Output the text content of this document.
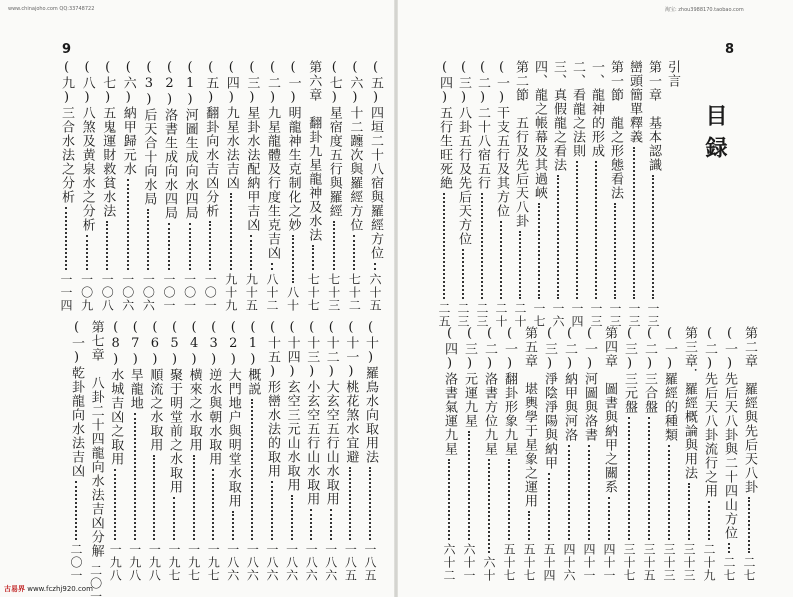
www.chinajoho.com QQ:33748722	淘宝: zhou3988170.taobao.com
9	8
目録
引言
第一章　基本認識
一三
巒頭簡單釋義
一三
第一節　龍之形態看法
一三
一、龍神的形成
一三
二、看龍之法則
一四
三、真假龍之看法
一六
四、龍之帳幕及其過峽
一七
第二節　五行及先后天八卦
二十
(一)干支五行及其方位
二十
(二)二十八宿五行
二三
(三)八卦五行及先后天方位
二三
(四)五行生旺死絶
二五
第二章　羅經與先后天八卦
二七
(一)先后天八卦與二十四山方位
二七
(二)先后天八卦流行之用
二十九
第三章．羅經概論與用法
三十三
(一)羅經的種類
三十三
(二)三合盤
三十五
(三)三元盤
三十七
第四章　圖書與納甲之關系
四十一
(一)河圖與洛書
四十一
(二)納甲與河洛
四十六
(三)淨陰淨陽與納甲
五十四
第五章　堪輿學于星象之運用
五十七
(一)翻卦形象九星
五十七
(二)洛書方位九星
六十
(三)元運九星
六十一
(四)洛書氣運九星
六十二
(五)四垣二十八宿與羅經方位
六十五
(六)十二躔次與羅經方位
七十二
(七)星宿度五行與羅經
七十三
第六章　翻卦九星龍神及水法
七十七
(一)明龍神生克制化之妙
八十
(二)九星龍體及行度生克吉凶
八十二
(三)星卦水法配納甲吉凶
九十五
(四)九星水法吉凶
九十九
(五)翻卦向水吉凶分析
一〇一
(1)河圖生成向水四局
一〇一
(2)洛書生成向水四局
一〇一
(3)后天合十向水局
一〇六
(六)納甲歸元水
一〇六
(七)五鬼運財救貧水法
一〇八
(八)八煞及黄泉水之分析
一〇九
(九)三合水法之分析
一一四
(十)羅鳥水向取用法
一八五
(十一)桃花煞水宜避
一八五
(十二)大玄空五行山水取用
一八六
(十三)小玄空五行山水取用
一八六
(十四)玄空三元山水取用
一八六
(十五)形巒水法的取用
一八六
(1)概説
一八六
(2)大門地户與明堂水取用
一八六
(3)逆水與朝水取用
一九七
(4)横來之水取用
一九七
(5)聚于明堂前之水取用
一九七
(6)順流之水取用
一九八
(7)旱龍地
一九八
(8)水城吉凶之取用
一九八
第七章　八卦二十四龍向水法吉凶分解
二〇一
(一)乾卦龍向水法吉凶
二〇一
古易界 www.fczhj920.com
